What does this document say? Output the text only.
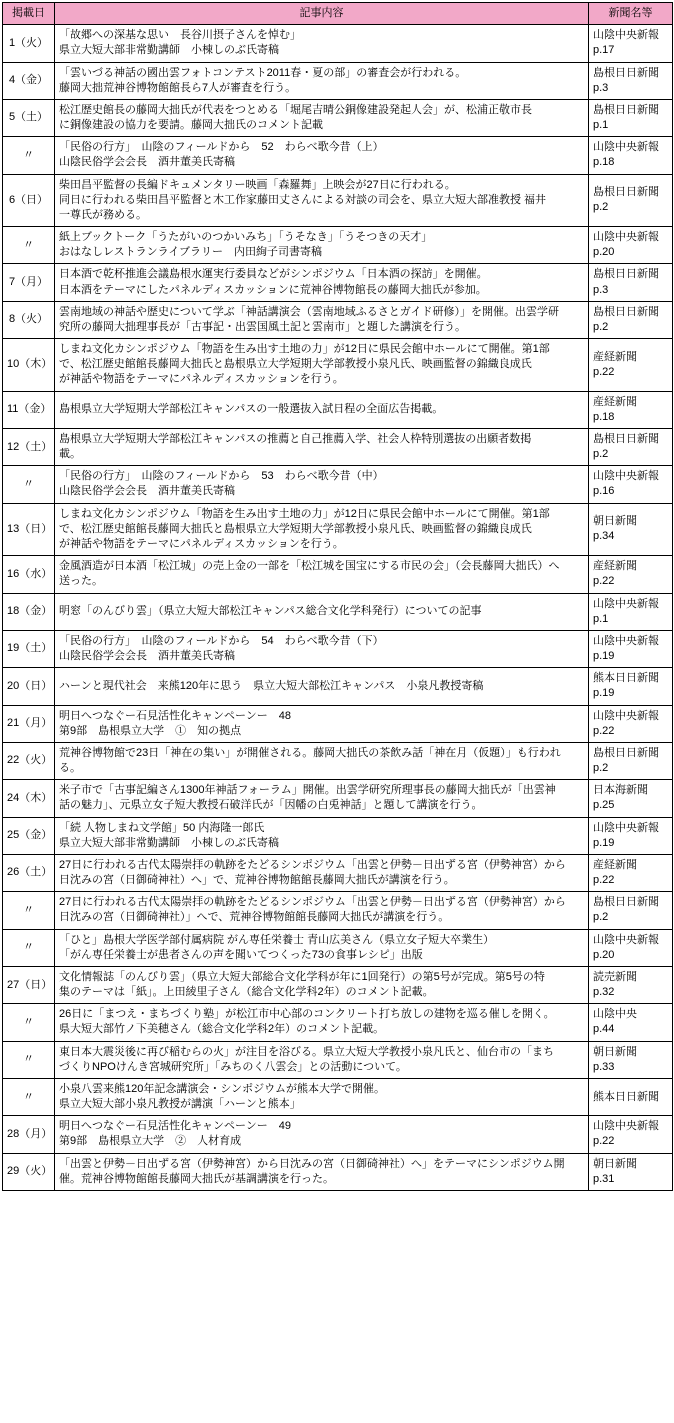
掲載日	記事内容	新聞名等
1（火）	「故郷への深基な思い　長谷川摂子さんを悼む」
県立大短大部非常勤講師　小棟しのぶ氏寄稿	山陰中央新報
p.17

4（金）	「雲いづる神話の國出雲フォトコンテスト2011春・夏の部」の審査会が行われる。
藤岡大拙荒神谷博物館館長ら7人が審査を行う。	島根日日新聞
p.3

5（土）	松江歴史館長の藤岡大拙氏が代表をつとめる「堀尾吉晴公銅像建設発起人会」が、松浦正敬市長
に銅像建設の協力を要請。藤岡大拙氏のコメント記載	島根日日新聞
p.1

〃	「民俗の行方」　山陰のフィールドから　52　わらべ歌今昔（上）
山陰民俗学会会長　酒井董美氏寄稿	山陰中央新報
p.18

6（日）	柴田昌平監督の長編ドキュメンタリー映画「森羅舞」上映会が27日に行われる。
同日に行われる柴田昌平監督と木工作家藤田丈さんによる対談の司会を、県立大短大部准教授 福井
一尊氏が務める。	島根日日新聞
p.2

〃	紙上ブックトーク「うたがいのつかいみち」「うそなき」「うそつきの天才」
おはなしレストランライブラリー　内田絢子司書寄稿	山陰中央新報
p.20

7（月）	日本酒で乾杯推進会議島根水運実行委員などがシンポジウム「日本酒の探訪」を開催。
日本酒をテーマにしたパネルディスカッションに荒神谷博物館長の藤岡大拙氏が参加。	島根日日新聞
p.3

8（火）	雲南地域の神話や歴史について学ぶ「神話講演会（雲南地域ふるさとガイド研修）」を開催。出雲学研
究所の藤岡大拙理事長が「古事記・出雲国風土記と雲南市」と題した講演を行う。	島根日日新聞
p.2

10（木）	しまね文化カシンポジウム「物語を生み出す土地の力」が12日に県民会館中ホールにて開催。第1部
で、松江歴史館館長藤岡大拙氏と島根県立大学短期大学部教授小泉凡氏、映画監督の錦織良成氏
が神話や物語をテーマにパネルディスカッションを行う。	産経新聞
p.22

11（金）	島根県立大学短期大学部松江キャンパスの一般選抜入試日程の全面広告掲載。	産経新聞
p.18

12（土）	島根県立大学短期大学部松江キャンパスの推薦と自己推薦入学、社会人枠特別選抜の出願者数掲
載。	島根日日新聞
p.2

〃	「民俗の行方」　山陰のフィールドから　53　わらべ歌今昔（中）
山陰民俗学会会長　酒井董美氏寄稿	山陰中央新報
p.16

13（日）	しまね文化カシンポジウム「物語を生み出す土地の力」が12日に県民会館中ホールにて開催。第1部
で、松江歴史館館長藤岡大拙氏と島根県立大学短期大学部教授小泉凡氏、映画監督の錦織良成氏
が神話や物語をテーマにパネルディスカッションを行う。	朝日新聞
p.34

16（水）	金風酒造が日本酒「松江城」の売上金の一部を「松江城を国宝にする市民の会」（会長藤岡大拙氏）へ
送った。	産経新聞
p.22

18（金）	明窓「のんびり雲」（県立大短大部松江キャンパス総合文化学科発行）についての記事	山陰中央新報
p.1

19（土）	「民俗の行方」　山陰のフィールドから　54　わらべ歌今昔（下）
山陰民俗学会会長　酒井董美氏寄稿	山陰中央新報
p.19

20（日）	ハーンと現代社会　来熊120年に思う　県立大短大部松江キャンパス　小泉凡教授寄稿	熊本日日新聞
p.19

21（月）	明日へつなぐー石見活性化キャンペーンー　48
第9部　島根県立大学　①　知の拠点	山陰中央新報
p.22

22（火）	荒神谷博物館で23日「神在の集い」が開催される。藤岡大拙氏の茶飲み話「神在月（仮題）」も行われ
る。	島根日日新聞
p.2

24（木）	米子市で「古事記編さん1300年神話フォーラム」開催。出雲学研究所理事長の藤岡大拙氏が「出雲神
話の魅力」、元県立女子短大教授石破洋氏が「因幡の白兎神話」と題して講演を行う。	日本海新聞
p.25

25（金）	「続 人物しまね文学館」50 内海隆一郎氏
県立大短大部非常勤講師　小棟しのぶ氏寄稿	山陰中央新報
p.19

26（土）	27日に行われる古代太陽崇拝の軌跡をたどるシンポジウム「出雲と伊勢－日出ずる宮（伊勢神宮）から
日沈みの宮（日御碕神社）へ」で、荒神谷博物館館長藤岡大拙氏が講演を行う。	産経新聞
p.22

〃	27日に行われる古代太陽崇拝の軌跡をたどるシンポジウム「出雲と伊勢－日出ずる宮（伊勢神宮）から
日沈みの宮（日御碕神社）」へで、荒神谷博物館館長藤岡大拙氏が講演を行う。	島根日日新聞
p.2

〃	「ひと」島根大学医学部付属病院 がん専任栄養士 青山広美さん（県立女子短大卒業生）
「がん専任栄養士が患者さんの声を聞いてつくった73の食事レシピ」出版	山陰中央新報
p.20

27（日）	文化情報誌「のんびり雲」（県立大短大部総合文化学科が年に1回発行）の第5号が完成。第5号の特
集のテーマは「紙」。上田綾里子さん（総合文化学科2年）のコメント記載。	読売新聞
p.32

〃	26日に「まつえ・まちづくり塾」が松江市中心部のコンクリート打ち放しの建物を巡る催しを開く。
県大短大部竹ノ下美穂さん（総合文化学科2年）のコメント記載。	山陰中央
p.44

〃	東日本大震災後に再び稲むらの火」が注目を浴びる。県立大短大学教授小泉凡氏と、仙台市の「まち
づくりNPOけんき宮城研究所」「みちのく八雲会」との活動について。	朝日新聞
p.33

〃	小泉八雲来熊120年記念講演会・シンポジウムが熊本大学で開催。
県立大短大部小泉凡教授が講演「ハーンと熊本」	熊本日日新聞

28（月）	明日へつなぐー石見活性化キャンペーンー　49
第9部　島根県立大学　②　人材育成	山陰中央新報
p.22

29（火）	「出雲と伊勢－日出ずる宮（伊勢神宮）から日沈みの宮（日御碕神社）へ」をテーマにシンポジウム開
催。荒神谷博物館館長藤岡大拙氏が基調講演を行った。	朝日新聞
p.31
